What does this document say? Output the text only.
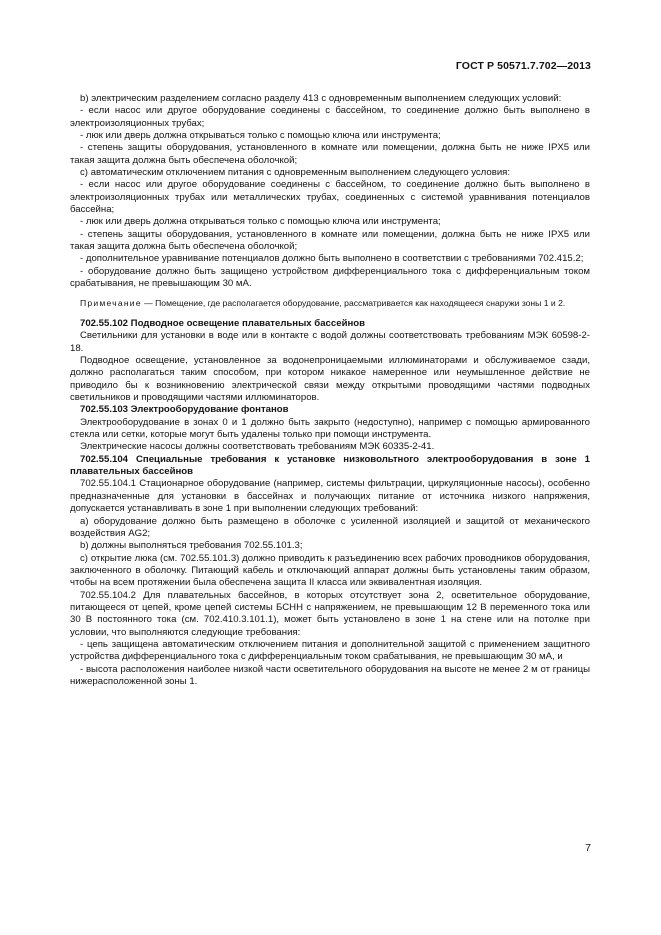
ГОСТ Р 50571.7.702—2013

b) электрическим разделением согласно разделу 413 с одновременным выполнением следующих условий:

- если насос или другое оборудование соединены с бассейном, то соединение должно быть выполнено в электроизоляционных трубах;

- люк или дверь должна открываться только с помощью ключа или инструмента;

- степень защиты оборудования, установленного в комнате или помещении, должна быть не ниже IPX5 или такая защита должна быть обеспечена оболочкой;

c) автоматическим отключением питания с одновременным выполнением следующего условия:

- если насос или другое оборудование соединены с бассейном, то соединение должно быть выполнено в электроизоляционных трубах или металлических трубах, соединенных с системой уравнивания потенциалов бассейна;

- люк или дверь должна открываться только с помощью ключа или инструмента;

- степень защиты оборудования, установленного в комнате или помещении, должна быть не ниже IPX5 или такая защита должна быть обеспечена оболочкой;

- дополнительное уравнивание потенциалов должно быть выполнено в соответствии с требованиями 702.415.2;

- оборудование должно быть защищено устройством дифференциального тока с дифференциальным током срабатывания, не превышающим 30 мА.

Примечание — Помещение, где располагается оборудование, рассматривается как находящееся снаружи зоны 1 и 2.

702.55.102 Подводное освещение плавательных бассейнов

Светильники для установки в воде или в контакте с водой должны соответствовать требованиям МЭК 60598-2-18.

Подводное освещение, установленное за водонепроницаемыми иллюминаторами и обслуживаемое сзади, должно располагаться таким способом, при котором никакое намеренное или неумышленное действие не приводило бы к возникновению электрической связи между открытыми проводящими частями подводных светильников и проводящими частями иллюминаторов.

702.55.103 Электрооборудование фонтанов

Электрооборудование в зонах 0 и 1 должно быть закрыто (недоступно), например с помощью армированного стекла или сетки, которые могут быть удалены только при помощи инструмента.

Электрические насосы должны соответствовать требованиям МЭК 60335-2-41.

702.55.104 Специальные требования к установке низковольтного электрооборудования в зоне 1 плавательных бассейнов

702.55.104.1 Стационарное оборудование (например, системы фильтрации, циркуляционные насосы), особенно предназначенные для установки в бассейнах и получающих питание от источника низкого напряжения, допускается устанавливать в зоне 1 при выполнении следующих требований:

a) оборудование должно быть размещено в оболочке с усиленной изоляцией и защитой от механического воздействия AG2;

b) должны выполняться требования 702.55.101.3;

c) открытие люка (см. 702.55.101.3) должно приводить к разъединению всех рабочих проводников оборудования, заключенного в оболочку. Питающий кабель и отключающий аппарат должны быть установлены таким образом, чтобы на всем протяжении была обеспечена защита II класса или эквивалентная изоляция.

702.55.104.2 Для плавательных бассейнов, в которых отсутствует зона 2, осветительное оборудование, питающееся от цепей, кроме цепей системы БСНН с напряжением, не превышающим 12 В переменного тока или 30 В постоянного тока (см. 702.410.3.101.1), может быть установлено в зоне 1 на стене или на потолке при условии, что выполняются следующие требования:

- цепь защищена автоматическим отключением питания и дополнительной защитой с применением защитного устройства дифференциального тока с дифференциальным током срабатывания, не превышающим 30 мА, и

- высота расположения наиболее низкой части осветительного оборудования на высоте не менее 2 м от границы нижерасположенной зоны 1.

7
